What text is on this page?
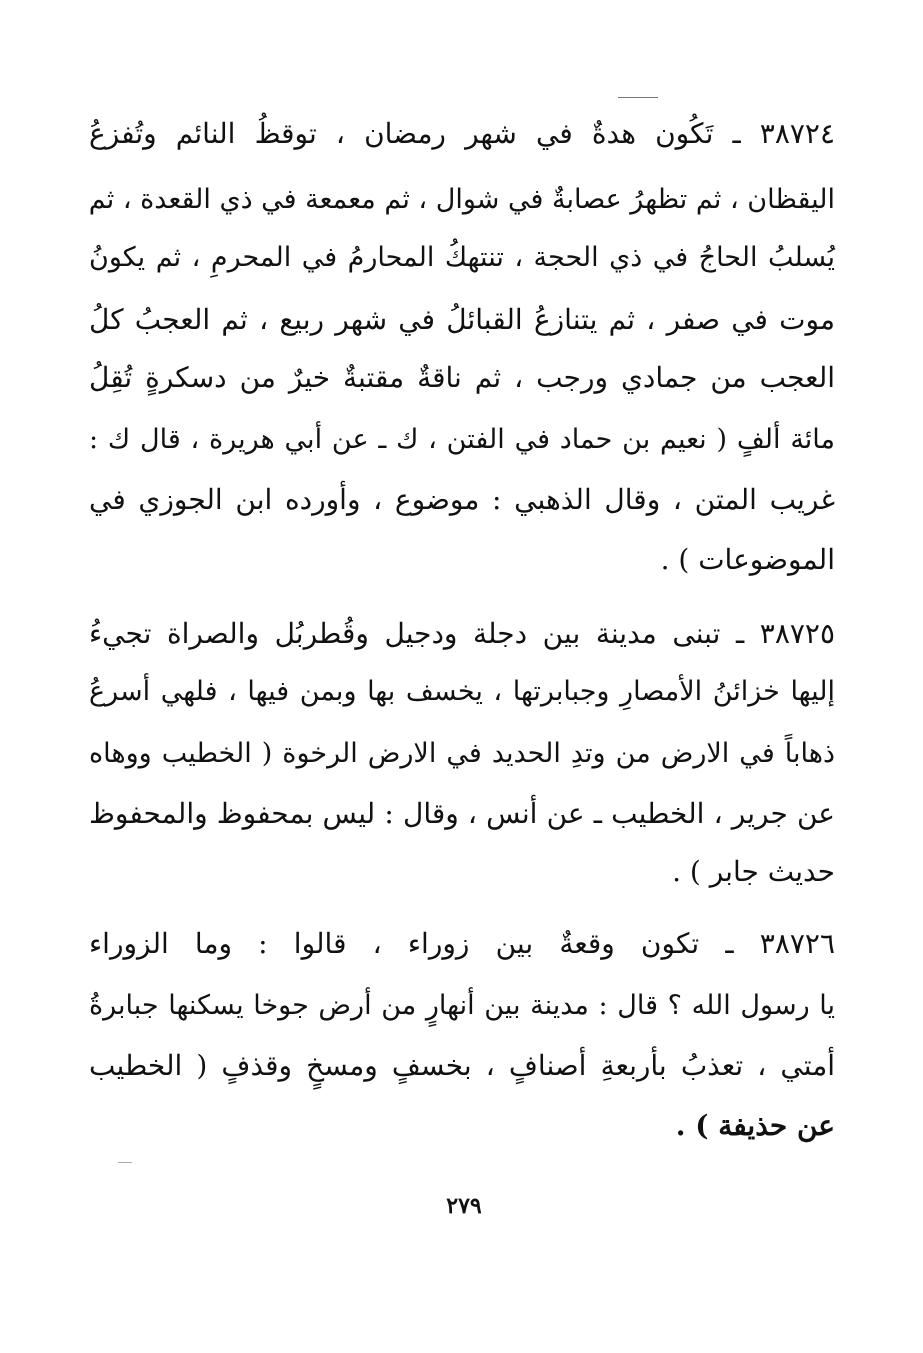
٣٨٧٢٤ ـ تَكُون هدةٌ في شهر رمضان ، توقظُ النائم وتُفزعُ
اليقظان ، ثم تظهرُ عصابةٌ في شوال ، ثم معمعة في ذي القعدة ، ثم
يُسلبُ الحاجُ في ذي الحجة ، تنتهكُ المحارمُ في المحرمِ ، ثم يكونُ
موت في صفر ، ثم يتنازعُ القبائلُ في شهر ربيع ، ثم العجبُ كلُ
العجب من جمادي ورجب ، ثم ناقةٌ مقتبةٌ خيرٌ من دسكرةٍ تُقِلُ
مائة ألفٍ ( نعيم بن حماد في الفتن ، ك ـ عن أبي هريرة ، قال ك :
غريب المتن ، وقال الذهبي : موضوع ، وأورده ابن الجوزي في
الموضوعات ) .
٣٨٧٢٥ ـ تبنى مدينة بين دجلة ودجيل وقُطربُل والصراة تجيءُ
إليها خزائنُ الأمصارِ وجبابرتها ، يخسف بها وبمن فيها ، فلهي أسرعُ
ذهاباً في الارض من وتدِ الحديد في الارض الرخوة ( الخطيب ووهاه
عن جرير ، الخطيب ـ عن أنس ، وقال : ليس بمحفوظ والمحفوظ
حديث جابر ) .
٣٨٧٢٦ ـ تكون وقعةٌ بين زوراء ، قالوا : وما الزوراء
يا رسول الله ؟ قال : مدينة بين أنهارٍ من أرض جوخا يسكنها جبابرةُ
أمتي ، تعذبُ بأربعةِ أصنافٍ ، بخسفٍ ومسخٍ وقذفٍ ( الخطيب
عن حذيفة ) .
٢٧٩
